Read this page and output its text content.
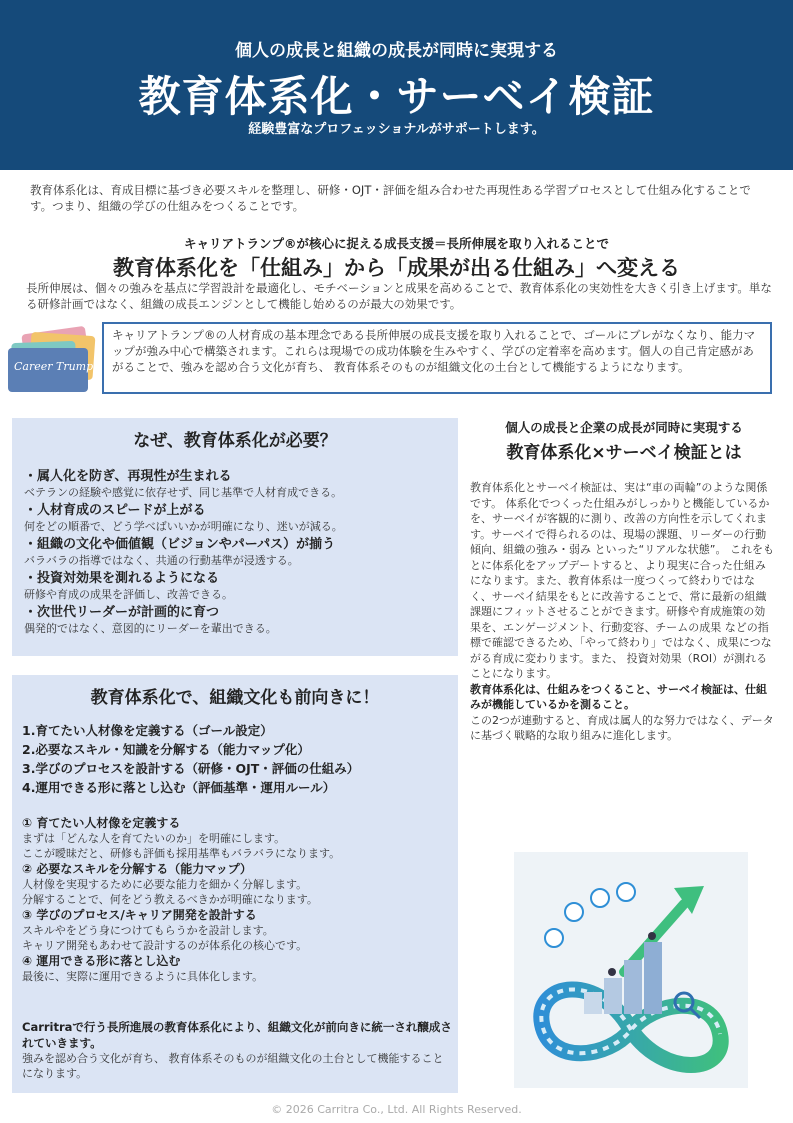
個人の成長と組織の成長が同時に実現する
教育体系化・サーベイ検証
経験豊富なプロフェッショナルがサポートします。
教育体系化は、育成目標に基づき必要スキルを整理し、研修・OJT・評価を組み合わせた再現性ある学習プロセスとして仕組み化することです。つまり、組織の学びの仕組みをつくることです。
キャリアトランプ®が核心に捉える成長支援＝長所伸展を取り入れることで
教育体系化を「仕組み」から「成果が出る仕組み」へ変える
長所伸展は、個々の強みを基点に学習設計を最適化し、モチベーションと成果を高めることで、教育体系化の実効性を大きく引き上げます。単なる研修計画ではなく、組織の成長エンジンとして機能し始めるのが最大の効果です。
Career Trump
キャリアトランプ®の人材育成の基本理念である長所伸展の成長支援を取り入れることで、ゴールにブレがなくなり、能力マップが強み中心で構築されます。これらは現場での成功体験を生みやすく、学びの定着率を高めます。個人の自己肯定感があがることで、強みを認め合う文化が育ち、 教育体系そのものが組織文化の土台として機能するようになります。
なぜ、教育体系化が必要？
・属人化を防ぎ、再現性が生まれる
ベテランの経験や感覚に依存せず、同じ基準で人材育成できる。
・人材育成のスピードが上がる
何をどの順番で、どう学べばいいかが明確になり、迷いが減る。
・組織の文化や価値観（ビジョンやパーパス）が揃う
バラバラの指導ではなく、共通の行動基準が浸透する。
・投資対効果を測れるようになる
研修や育成の成果を評価し、改善できる。
・次世代リーダーが計画的に育つ
偶発的ではなく、意図的にリーダーを輩出できる。
個人の成長と企業の成長が同時に実現する
教育体系化×サーベイ検証とは
教育体系化とサーベイ検証は、実は“車の両輪”のような関係です。 体系化でつくった仕組みがしっかりと機能しているかを、サーベイが客観的に測り、改善の方向性を示してくれます。サーベイで得られるのは、現場の課題、リーダーの行動傾向、組織の強み・弱み といった“リアルな状態”。 これをもとに体系化をアップデートすると、より現実に合った仕組みになります。また、教育体系は一度つくって終わりではなく、サーベイ結果をもとに改善することで、常に最新の組織課題にフィットさせることができます。研修や育成施策の効果を、エンゲージメント、行動変容、チームの成果 などの指標で確認できるため、「やって終わり」ではなく、成果につながる育成に変わります。また、 投資対効果（ROI）が測れることになります。
教育体系化は、仕組みをつくること、サーベイ検証は、仕組みが機能しているかを測ること。
この2つが連動すると、育成は属人的な努力ではなく、データに基づく戦略的な取り組みに進化します。
教育体系化で、組織文化も前向きに！
1.育てたい人材像を定義する（ゴール設定）
2.必要なスキル・知識を分解する（能力マップ化）
3.学びのプロセスを設計する（研修・OJT・評価の仕組み）
4.運用できる形に落とし込む（評価基準・運用ルール）
① 育てたい人材像を定義する
まずは「どんな人を育てたいのか」を明確にします。
ここが曖昧だと、研修も評価も採用基準もバラバラになります。
② 必要なスキルを分解する（能力マップ）
人材像を実現するために必要な能力を細かく分解します。
分解することで、何をどう教えるべきかが明確になります。
③ 学びのプロセス/キャリア開発を設計する
スキルやをどう身につけてもらうかを設計します。
キャリア開発もあわせて設計するのが体系化の核心です。
④ 運用できる形に落とし込む
最後に、実際に運用できるように具体化します。
Carritraで行う長所進展の教育体系化により、組織文化が前向きに統一され醸成されていきます。
強みを認め合う文化が育ち、 教育体系そのものが組織文化の土台として機能することになります。
© 2026 Carritra Co., Ltd. All Rights Reserved.
